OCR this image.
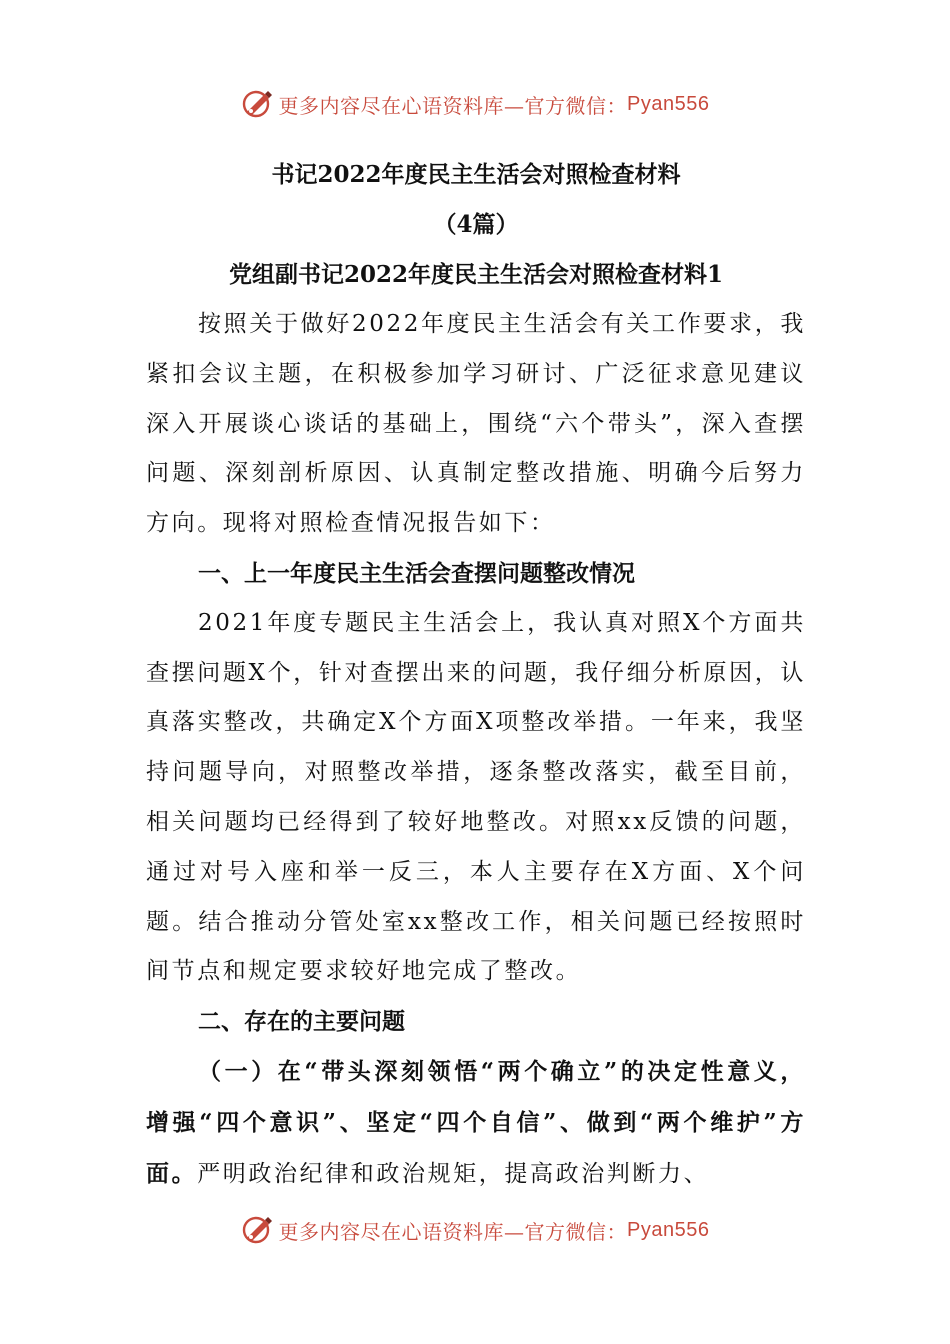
更多内容尽在心语资料库—官方微信： Pyan556
书记2022年度民主生活会对照检查材料
（4篇）
党组副书记2022年度民主生活会对照检查材料1

按照关于做好2022年度民主生活会有关工作要求，我紧扣会议主题，在积极参加学习研讨、广泛征求意见建议深入开展谈心谈话的基础上，围绕“六个带头”，深入查摆问题、深刻剖析原因、认真制定整改措施、明确今后努力方向。现将对照检查情况报告如下：

一、上一年度民主生活会查摆问题整改情况

2021年度专题民主生活会上，我认真对照X个方面共查摆问题X个，针对查摆出来的问题，我仔细分析原因，认真落实整改，共确定X个方面X项整改举措。一年来，我坚持问题导向，对照整改举措，逐条整改落实，截至目前，相关问题均已经得到了较好地整改。对照xx反馈的问题，通过对号入座和举一反三，本人主要存在X方面、X个问题。结合推动分管处室xx整改工作，相关问题已经按照时间节点和规定要求较好地完成了整改。

二、存在的主要问题

（一）在“带头深刻领悟“两个确立”的决定性意义，增强“四个意识”、坚定“四个自信”、做到“两个维护”方面。严明政治纪律和政治规矩，提高政治判断力、

更多内容尽在心语资料库—官方微信： Pyan556
